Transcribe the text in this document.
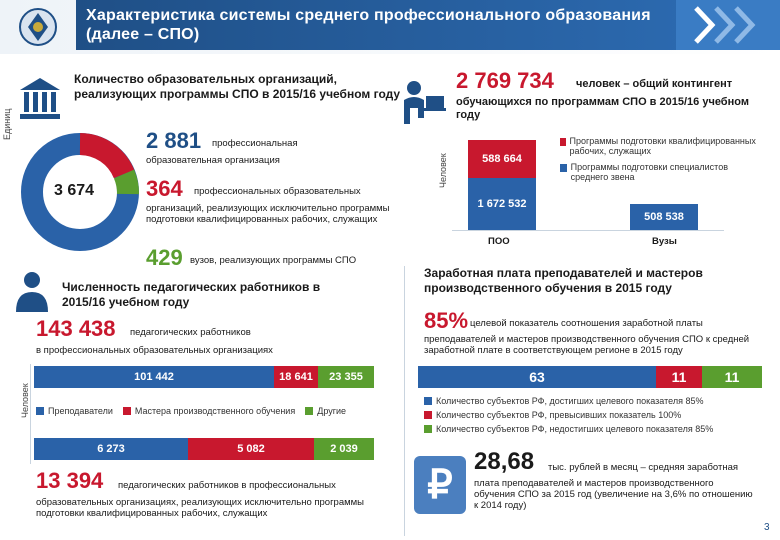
Характеристика системы среднего профессионального образования (далее – СПО)
Единиц
Количество образовательных организаций, реализующих программы СПО в 2015/16 учебном году
3 674
2 881 профессиональная
образовательная организация
364 профессиональных образовательных
организаций, реализующих исключительно программы подготовки квалифицированных рабочих, служащих
429 вузов, реализующих программы СПО
2 769 734 человек – общий контингент
обучающихся по программам СПО в 2015/16 учебном году
Человек	588 664
1 672 532
508 538
ПОО	Вузы
Программы подготовки квалифицированных рабочих, служащих
Программы подготовки специалистов среднего звена
Численность педагогических работников в 2015/16 учебном году
143 438 педагогических работников
в профессиональных образовательных организациях
Человек
101 442	18 641 23 355
Преподаватели Мастера производственного обучения Другие
6 273	5 082	2 039
13 394 педагогических работников в профессиональных
образовательных организациях, реализующих исключительно программы подготовки квалифицированных рабочих, служащих
Заработная плата преподавателей и мастеров производственного обучения в 2015 году
85% целевой показатель соотношения заработной платы
преподавателей и мастеров производственного обучения СПО к средней заработной плате в соответствующем регионе в 2015 году
63	11	11
Количество субъектов РФ, достигших целевого показателя 85%
Количество субъектов РФ, превысивших показатель 100%
Количество субъектов РФ, недостигших целевого показателя 85%
₽
28,68 тыс. рублей в месяц – средняя заработная
плата преподавателей и мастеров производственного обучения СПО за 2015 год (увеличение на 3,6% по отношению к 2014 году)
3
